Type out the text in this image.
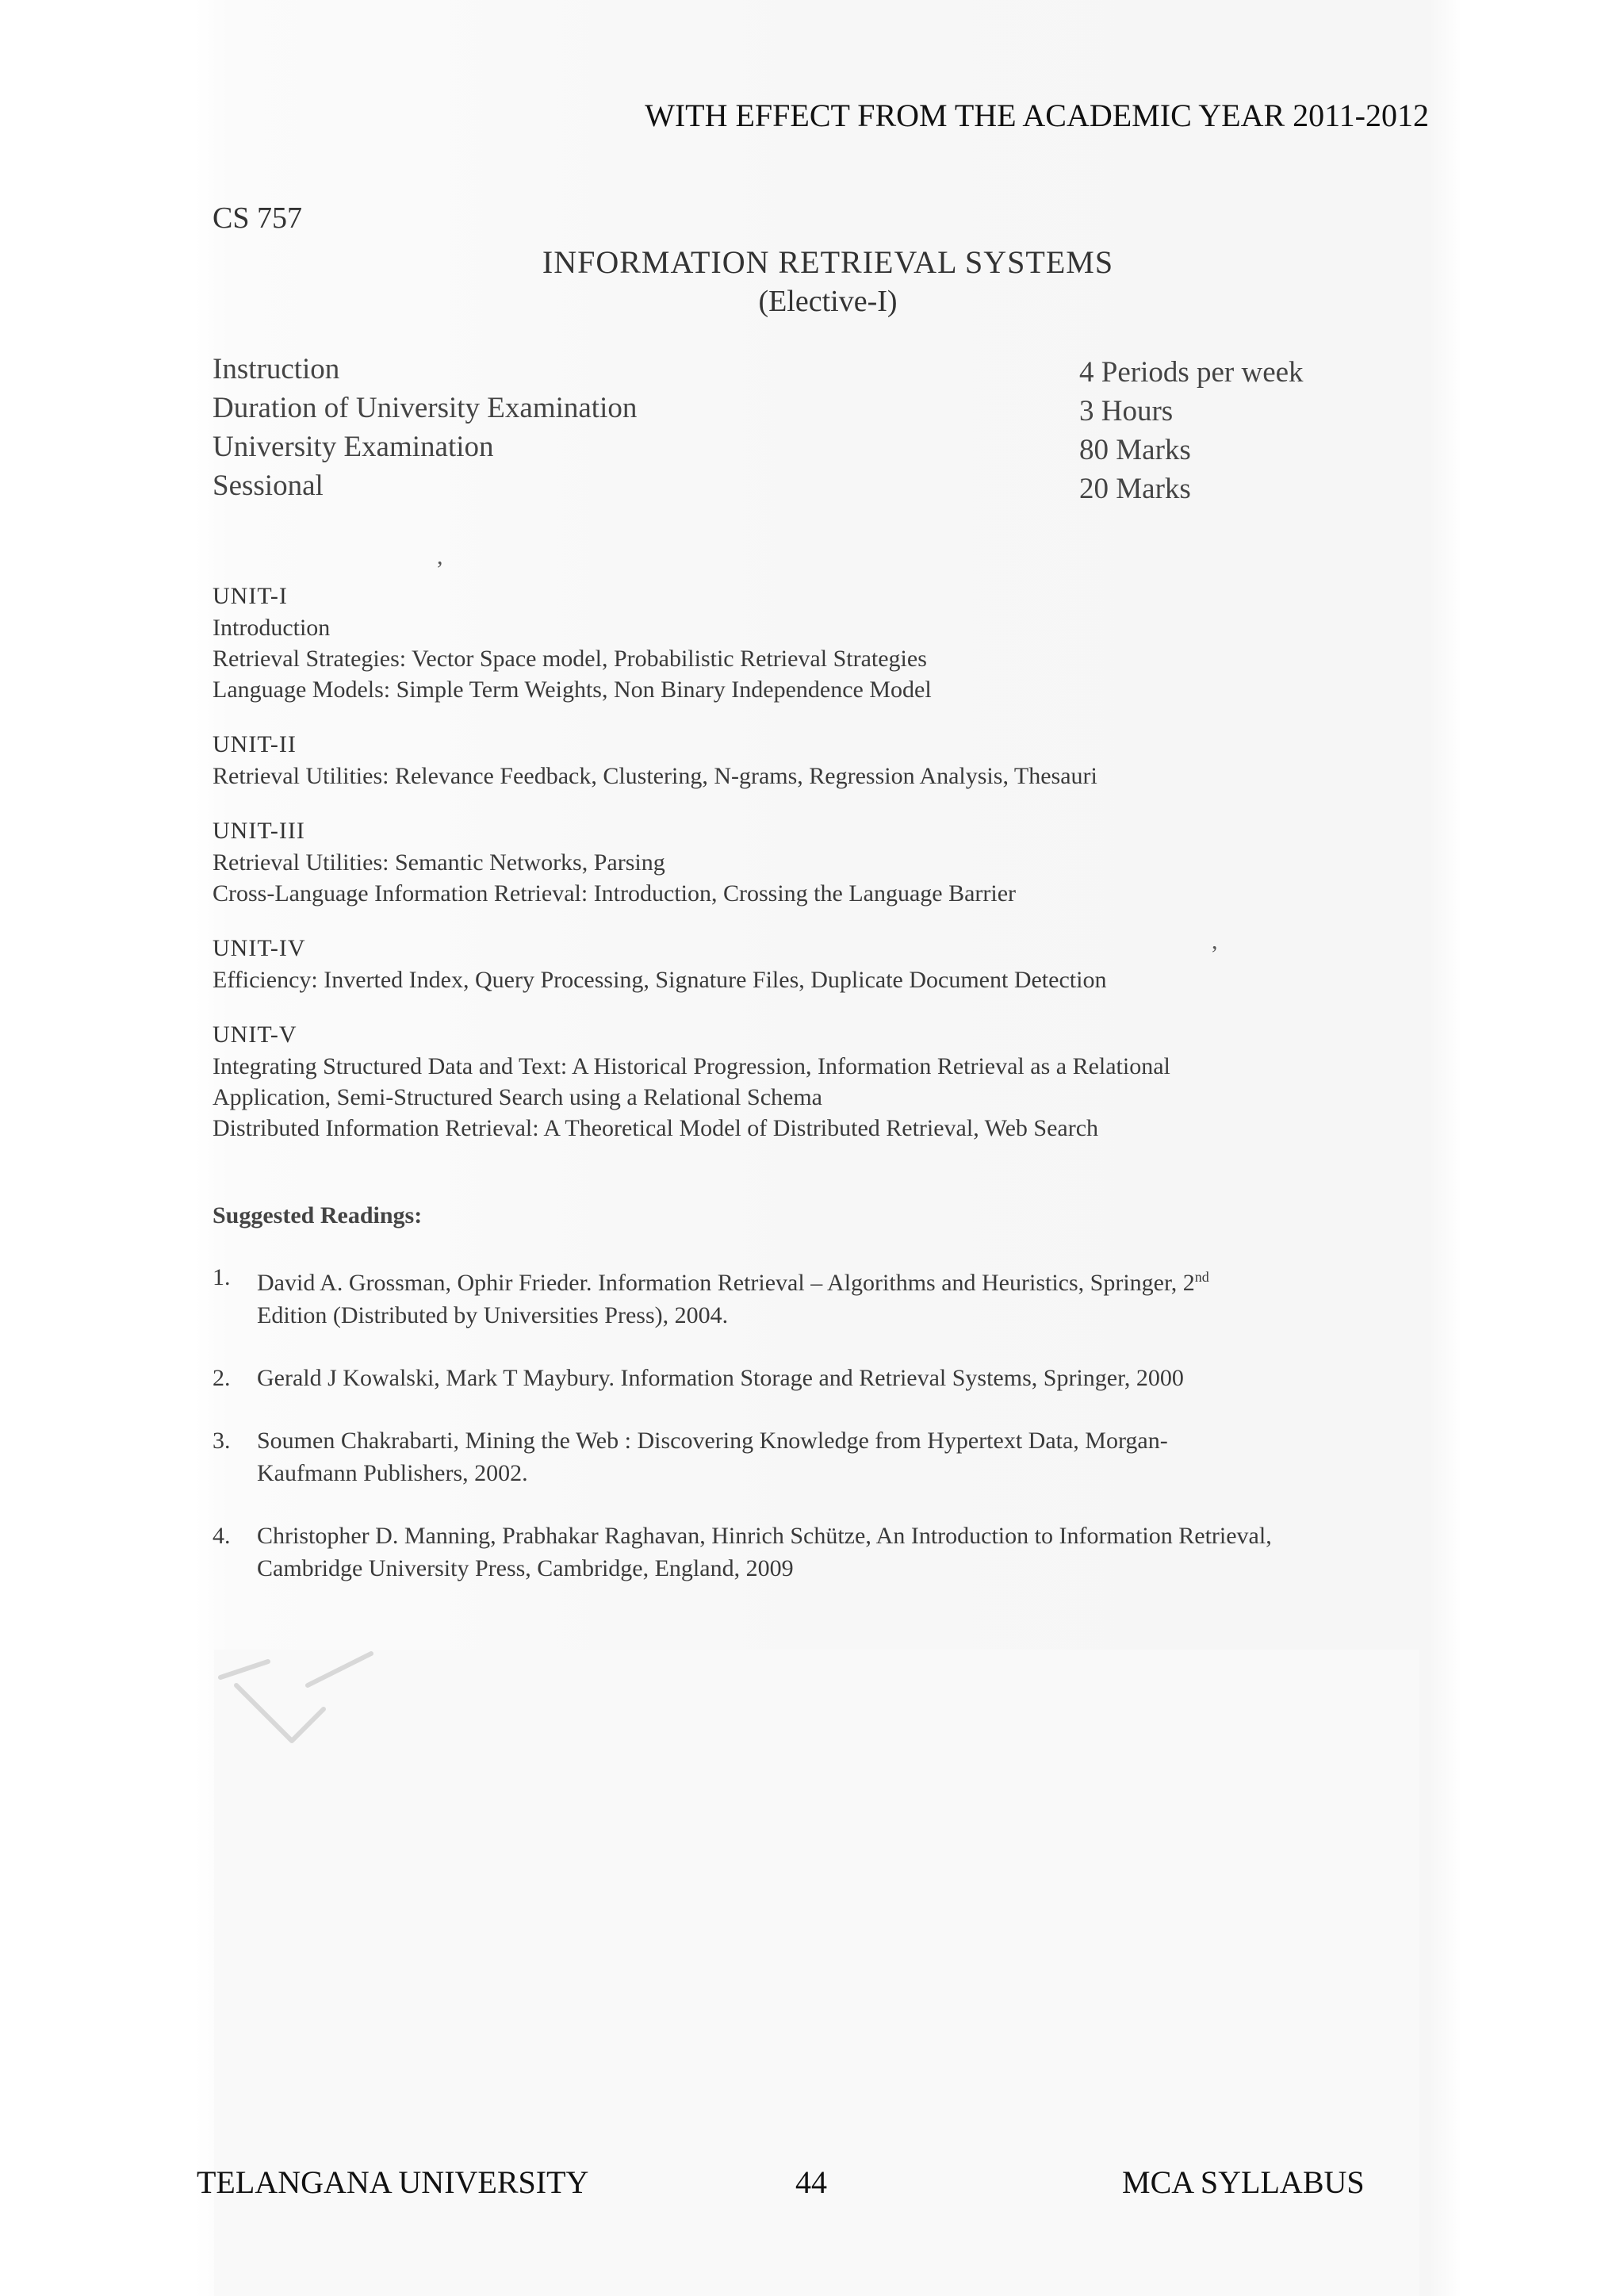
WITH EFFECT FROM THE ACADEMIC YEAR 2011-2012
CS 757
INFORMATION RETRIEVAL SYSTEMS
(Elective-I)
Instruction	4 Periods per week
Duration of University Examination	3 Hours
University Examination	80 Marks
Sessional	20 Marks
,
,
UNIT-I
Introduction
Retrieval Strategies: Vector Space model, Probabilistic Retrieval Strategies
Language Models: Simple Term Weights, Non Binary Independence Model
UNIT-II
Retrieval Utilities: Relevance Feedback, Clustering, N-grams, Regression Analysis, Thesauri
UNIT-III
Retrieval Utilities: Semantic Networks, Parsing
Cross-Language Information Retrieval: Introduction, Crossing the Language Barrier
UNIT-IV
Efficiency: Inverted Index, Query Processing, Signature Files, Duplicate Document Detection
UNIT-V
Integrating Structured Data and Text: A Historical Progression, Information Retrieval as a Relational
Application, Semi-Structured Search using a Relational Schema
Distributed Information Retrieval: A Theoretical Model of Distributed Retrieval, Web Search
Suggested Readings:
1. David A. Grossman, Ophir Frieder. Information Retrieval – Algorithms and Heuristics, Springer, 2nd
Edition (Distributed by Universities Press), 2004.
2. Gerald J Kowalski, Mark T Maybury. Information Storage and Retrieval Systems, Springer, 2000
3. Soumen Chakrabarti, Mining the Web : Discovering Knowledge from Hypertext Data, Morgan-
Kaufmann Publishers, 2002.
4. Christopher D. Manning, Prabhakar Raghavan, Hinrich Schütze, An Introduction to Information Retrieval,
Cambridge University Press, Cambridge, England, 2009
TELANGANA UNIVERSITY	44	MCA SYLLABUS
